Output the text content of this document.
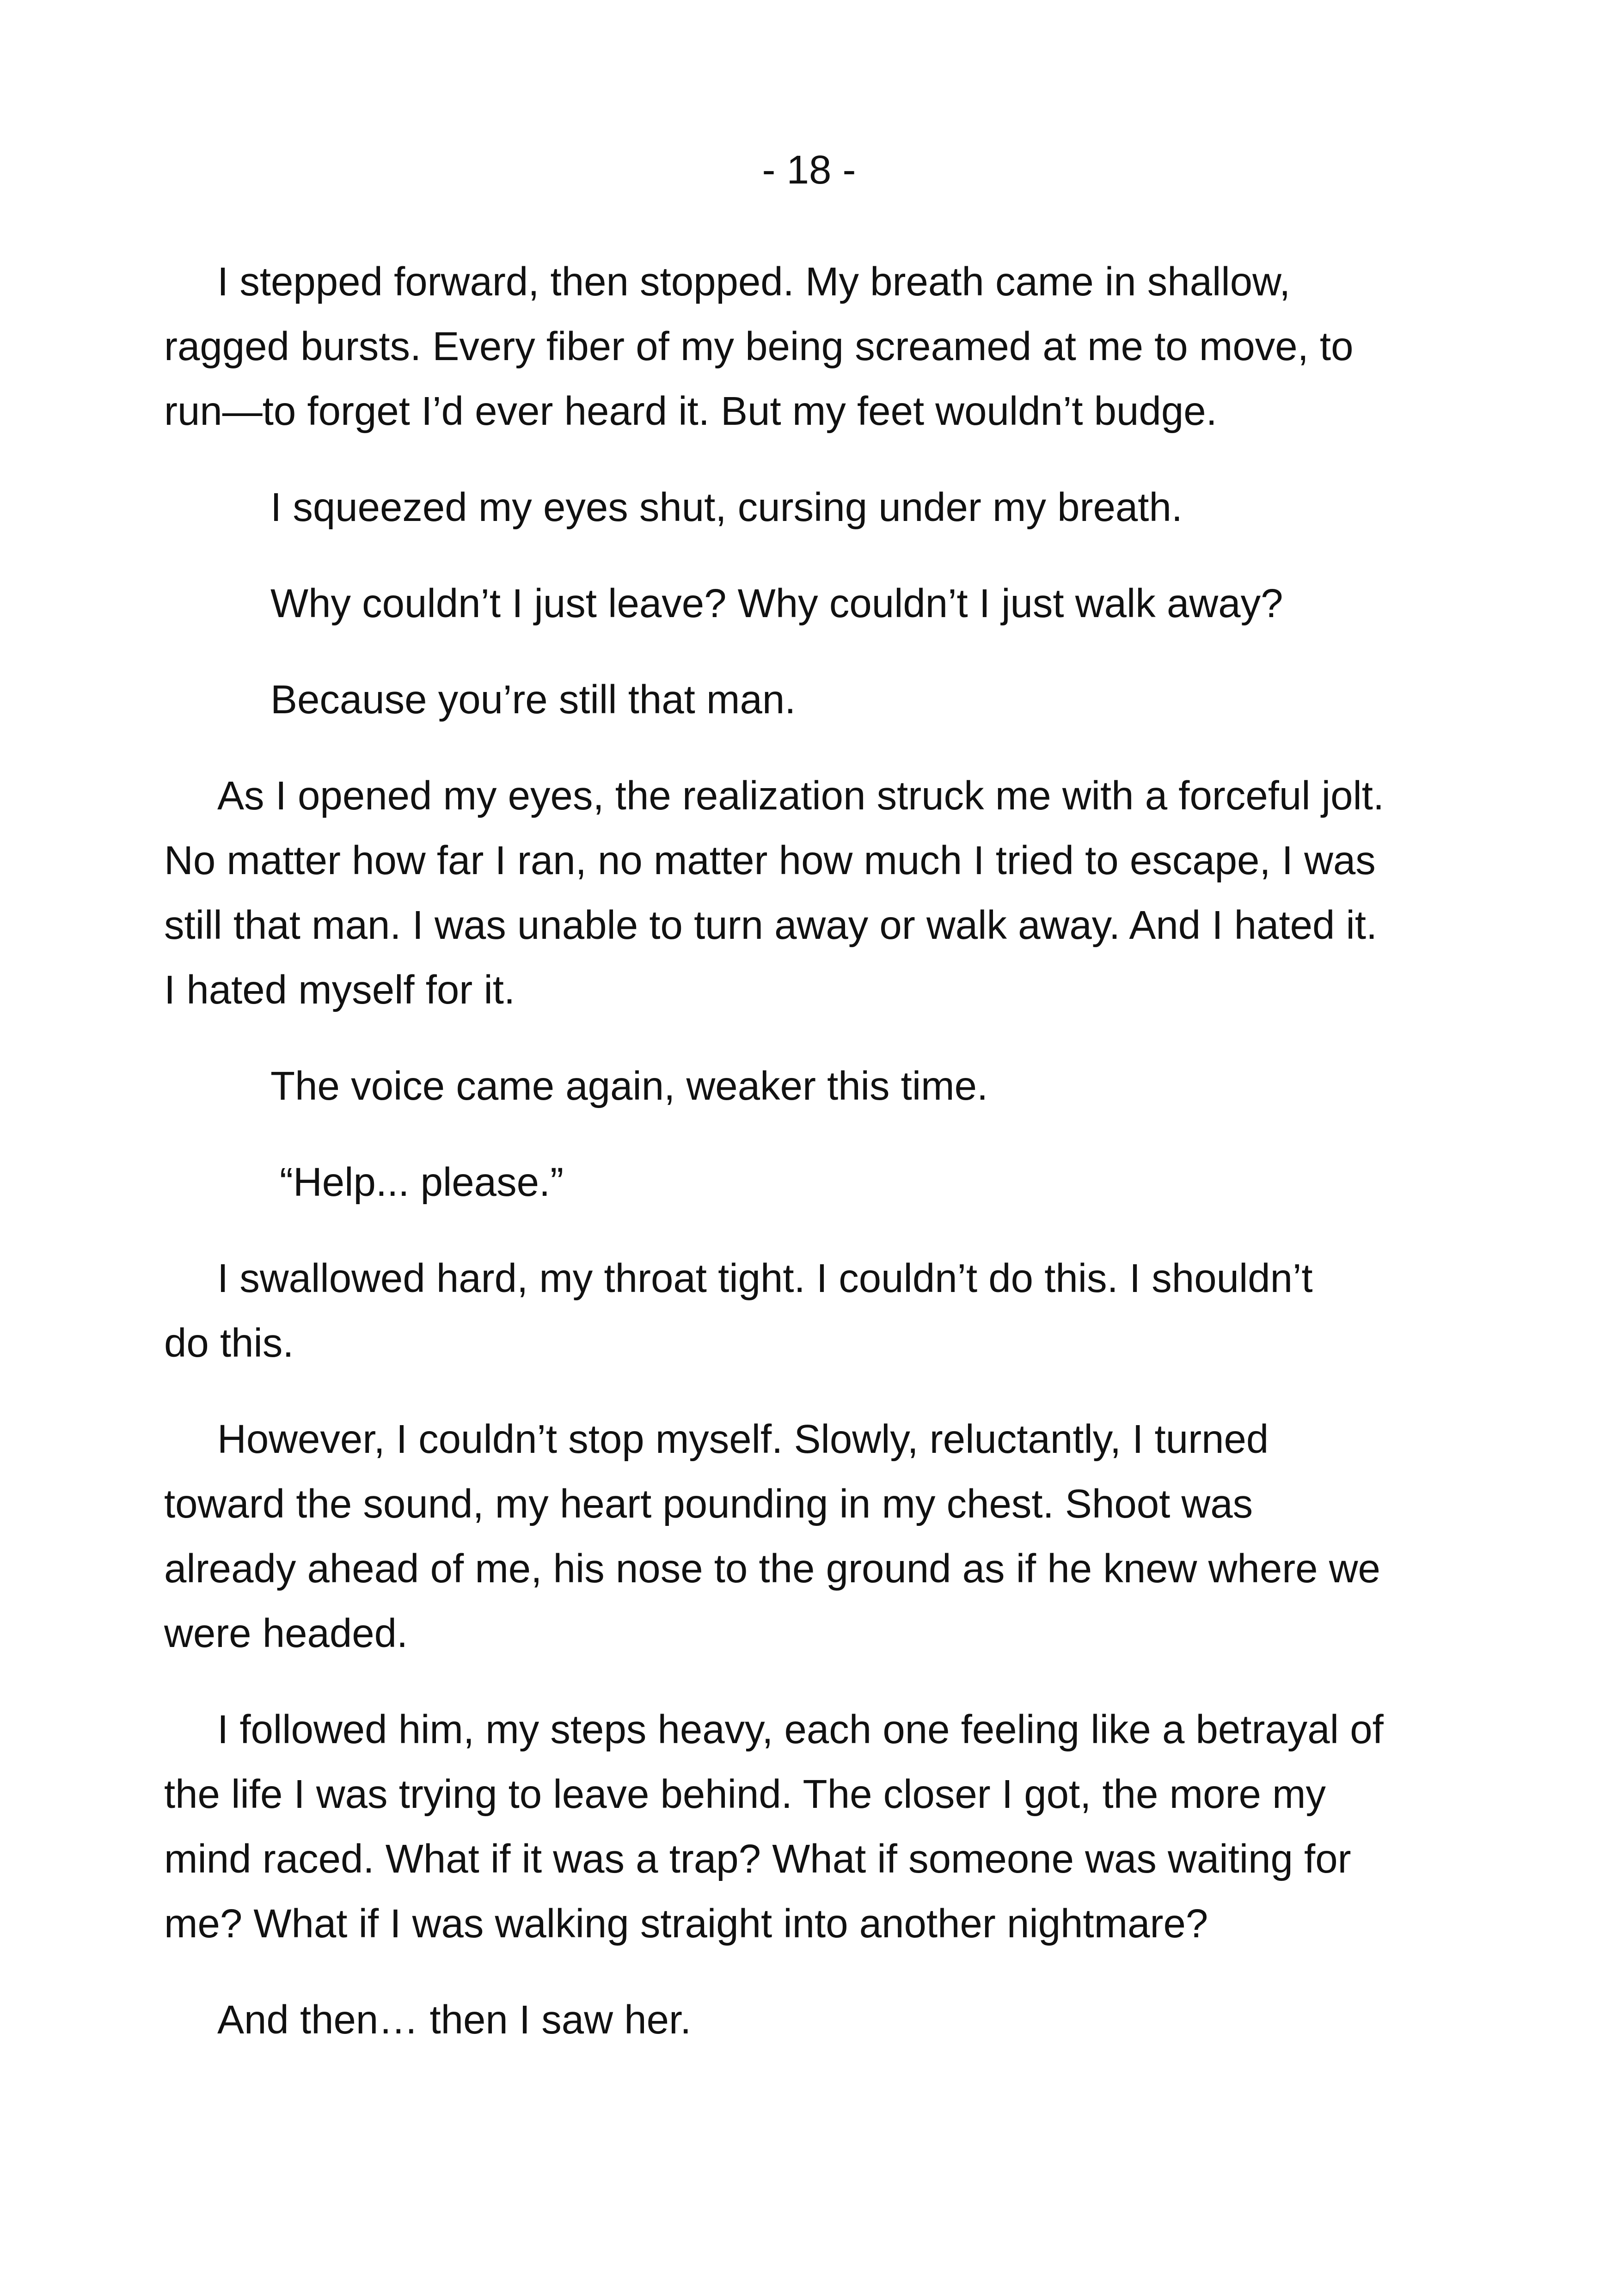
- 18 -
I stepped forward, then stopped. My breath came in shallow,
ragged bursts. Every fiber of my being screamed at me to move, to
run—to forget I’d ever heard it. But my feet wouldn’t budge.
I squeezed my eyes shut, cursing under my breath.
Why couldn’t I just leave? Why couldn’t I just walk away?
Because you’re still that man.
As I opened my eyes, the realization struck me with a forceful jolt.
No matter how far I ran, no matter how much I tried to escape, I was
still that man. I was unable to turn away or walk away. And I hated it.
I hated myself for it.
The voice came again, weaker this time.
“Help... please.”
I swallowed hard, my throat tight. I couldn’t do this. I shouldn’t
do this.
However, I couldn’t stop myself. Slowly, reluctantly, I turned
toward the sound, my heart pounding in my chest. Shoot was
already ahead of me, his nose to the ground as if he knew where we
were headed.
I followed him, my steps heavy, each one feeling like a betrayal of
the life I was trying to leave behind. The closer I got, the more my
mind raced. What if it was a trap? What if someone was waiting for
me? What if I was walking straight into another nightmare?
And then… then I saw her.
